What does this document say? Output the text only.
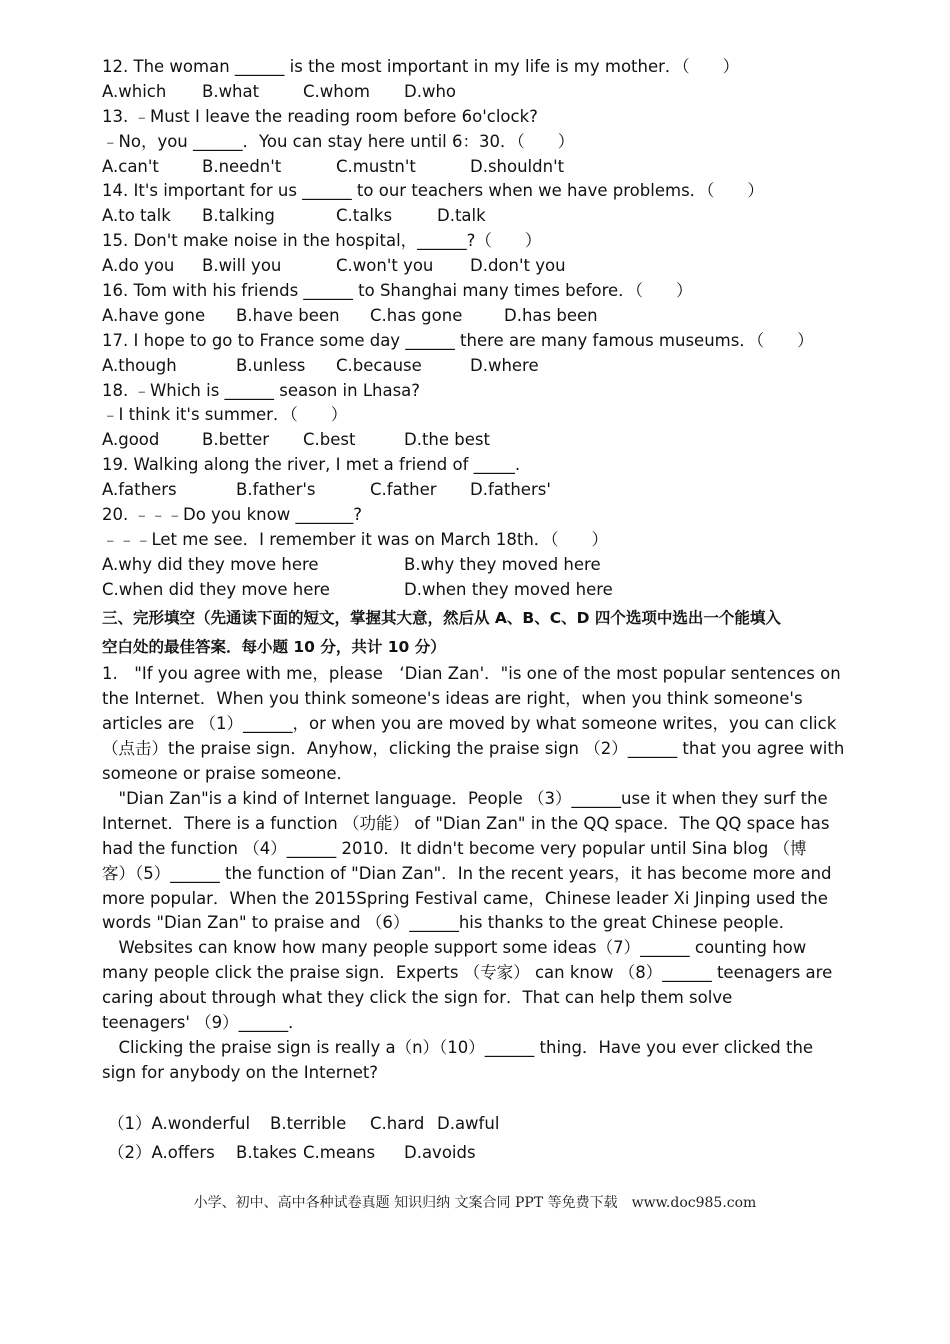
12. The woman ______ is the most important in my life is my mother．（　　）
A.which B.what	C.whom D.who
13. ﹣Must I leave the reading room before 6o'clock?
﹣No，you ______．You can stay here until 6：30．（　　）
A.can't	B.needn't	C.mustn't	D.shouldn't
14. It's important for us ______ to our teachers when we have problems．（　　）
A.to talk B.talking	C.talks	D.talk
15. Don't make noise in the hospital，______?（　　）
A.do you B.will you	C.won't you D.don't you
16. Tom with his friends ______ to Shanghai many times before．（　　）
A.have gone B.have been C.has gone	D.has been
17. I hope to go to France some day ______ there are many famous museums．（　　）
A.though	B.unless C.because	D.where
18. ﹣Which is ______ season in Lhasa?
﹣I think it's summer．（　　）
A.good	B.better C.best	D.the best
19. Walking along the river, I met a friend of _____.
A.fathers	B.father's	C.father D.fathers'
20. ﹣﹣﹣Do you know _______?
﹣﹣﹣Let me see．I remember it was on March 18th．（　　）
A.why did they move here	B.why they moved here
C.when did they move here	D.when they moved here
三、完形填空（先通读下面的短文，掌握其大意，然后从 A、B、C、D 四个选项中选出一个能填入
空白处的最佳答案．每小题 10 分，共计 10 分）
1.　"If you agree with me，please　‘Dian Zan'．"is one of the most popular sentences on
the Internet．When you think someone's ideas are right，when you think someone's
articles are （1）______，or when you are moved by what someone writes，you can click
（点击）the praise sign．Anyhow，clicking the praise sign （2）______ that you agree with
someone or praise someone．
　"Dian Zan"is a kind of Internet language．People （3）______use it when they surf the
Internet．There is a function （功能） of "Dian Zan" in the QQ space．The QQ space has
had the function （4）______ 2010．It didn't become very popular until Sina blog （博
客）（5）______ the function of "Dian Zan"．In the recent years，it has become more and
more popular．When the 2015Spring Festival came，Chinese leader Xi Jinping used the
words "Dian Zan" to praise and （6）______his thanks to the great Chinese people．
　Websites can know how many people support some ideas（7）______ counting how
many people click the praise sign．Experts （专家） can know （8）______ teenagers are
caring about through what they click the sign for．That can help them solve
teenagers' （9）______．
　Clicking the praise sign is really a（n）（10）______ thing．Have you ever clicked the
sign for anybody on the Internet?
（1）A.wonderful B.terrible C.hard D.awful
（2）A.offers B.takes C.means D.avoids
小学、初中、高中各种试卷真题 知识归纳 文案合同 PPT 等免费下载　www.doc985.com
